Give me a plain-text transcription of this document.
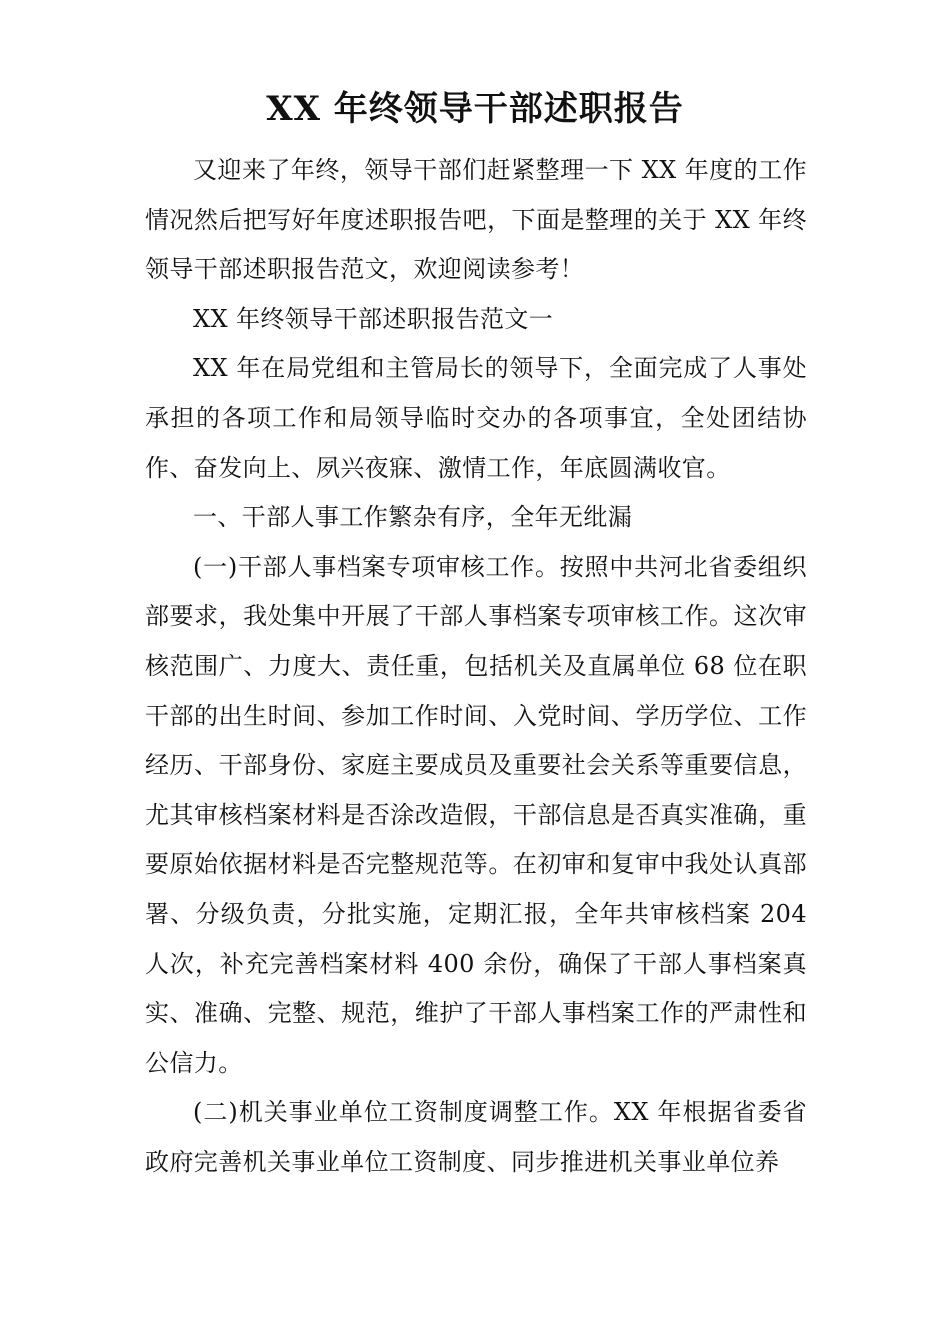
XX 年终领导干部述职报告

又迎来了年终，领导干部们赶紧整理一下 XX 年度的工作情况然后把写好年度述职报告吧，下面是整理的关于 XX 年终领导干部述职报告范文，欢迎阅读参考！

XX 年终领导干部述职报告范文一

XX 年在局党组和主管局长的领导下，全面完成了人事处承担的各项工作和局领导临时交办的各项事宜，全处团结协作、奋发向上、夙兴夜寐、激情工作，年底圆满收官。

一、干部人事工作繁杂有序，全年无纰漏

(一)干部人事档案专项审核工作。按照中共河北省委组织部要求，我处集中开展了干部人事档案专项审核工作。这次审核范围广、力度大、责任重，包括机关及直属单位 68 位在职干部的出生时间、参加工作时间、入党时间、学历学位、工作经历、干部身份、家庭主要成员及重要社会关系等重要信息，尤其审核档案材料是否涂改造假，干部信息是否真实准确，重要原始依据材料是否完整规范等。在初审和复审中我处认真部署、分级负责，分批实施，定期汇报，全年共审核档案 204 人次，补充完善档案材料 400 余份，确保了干部人事档案真实、准确、完整、规范，维护了干部人事档案工作的严肃性和公信力。

(二)机关事业单位工资制度调整工作。XX 年根据省委省政府完善机关事业单位工资制度、同步推进机关事业单位养
